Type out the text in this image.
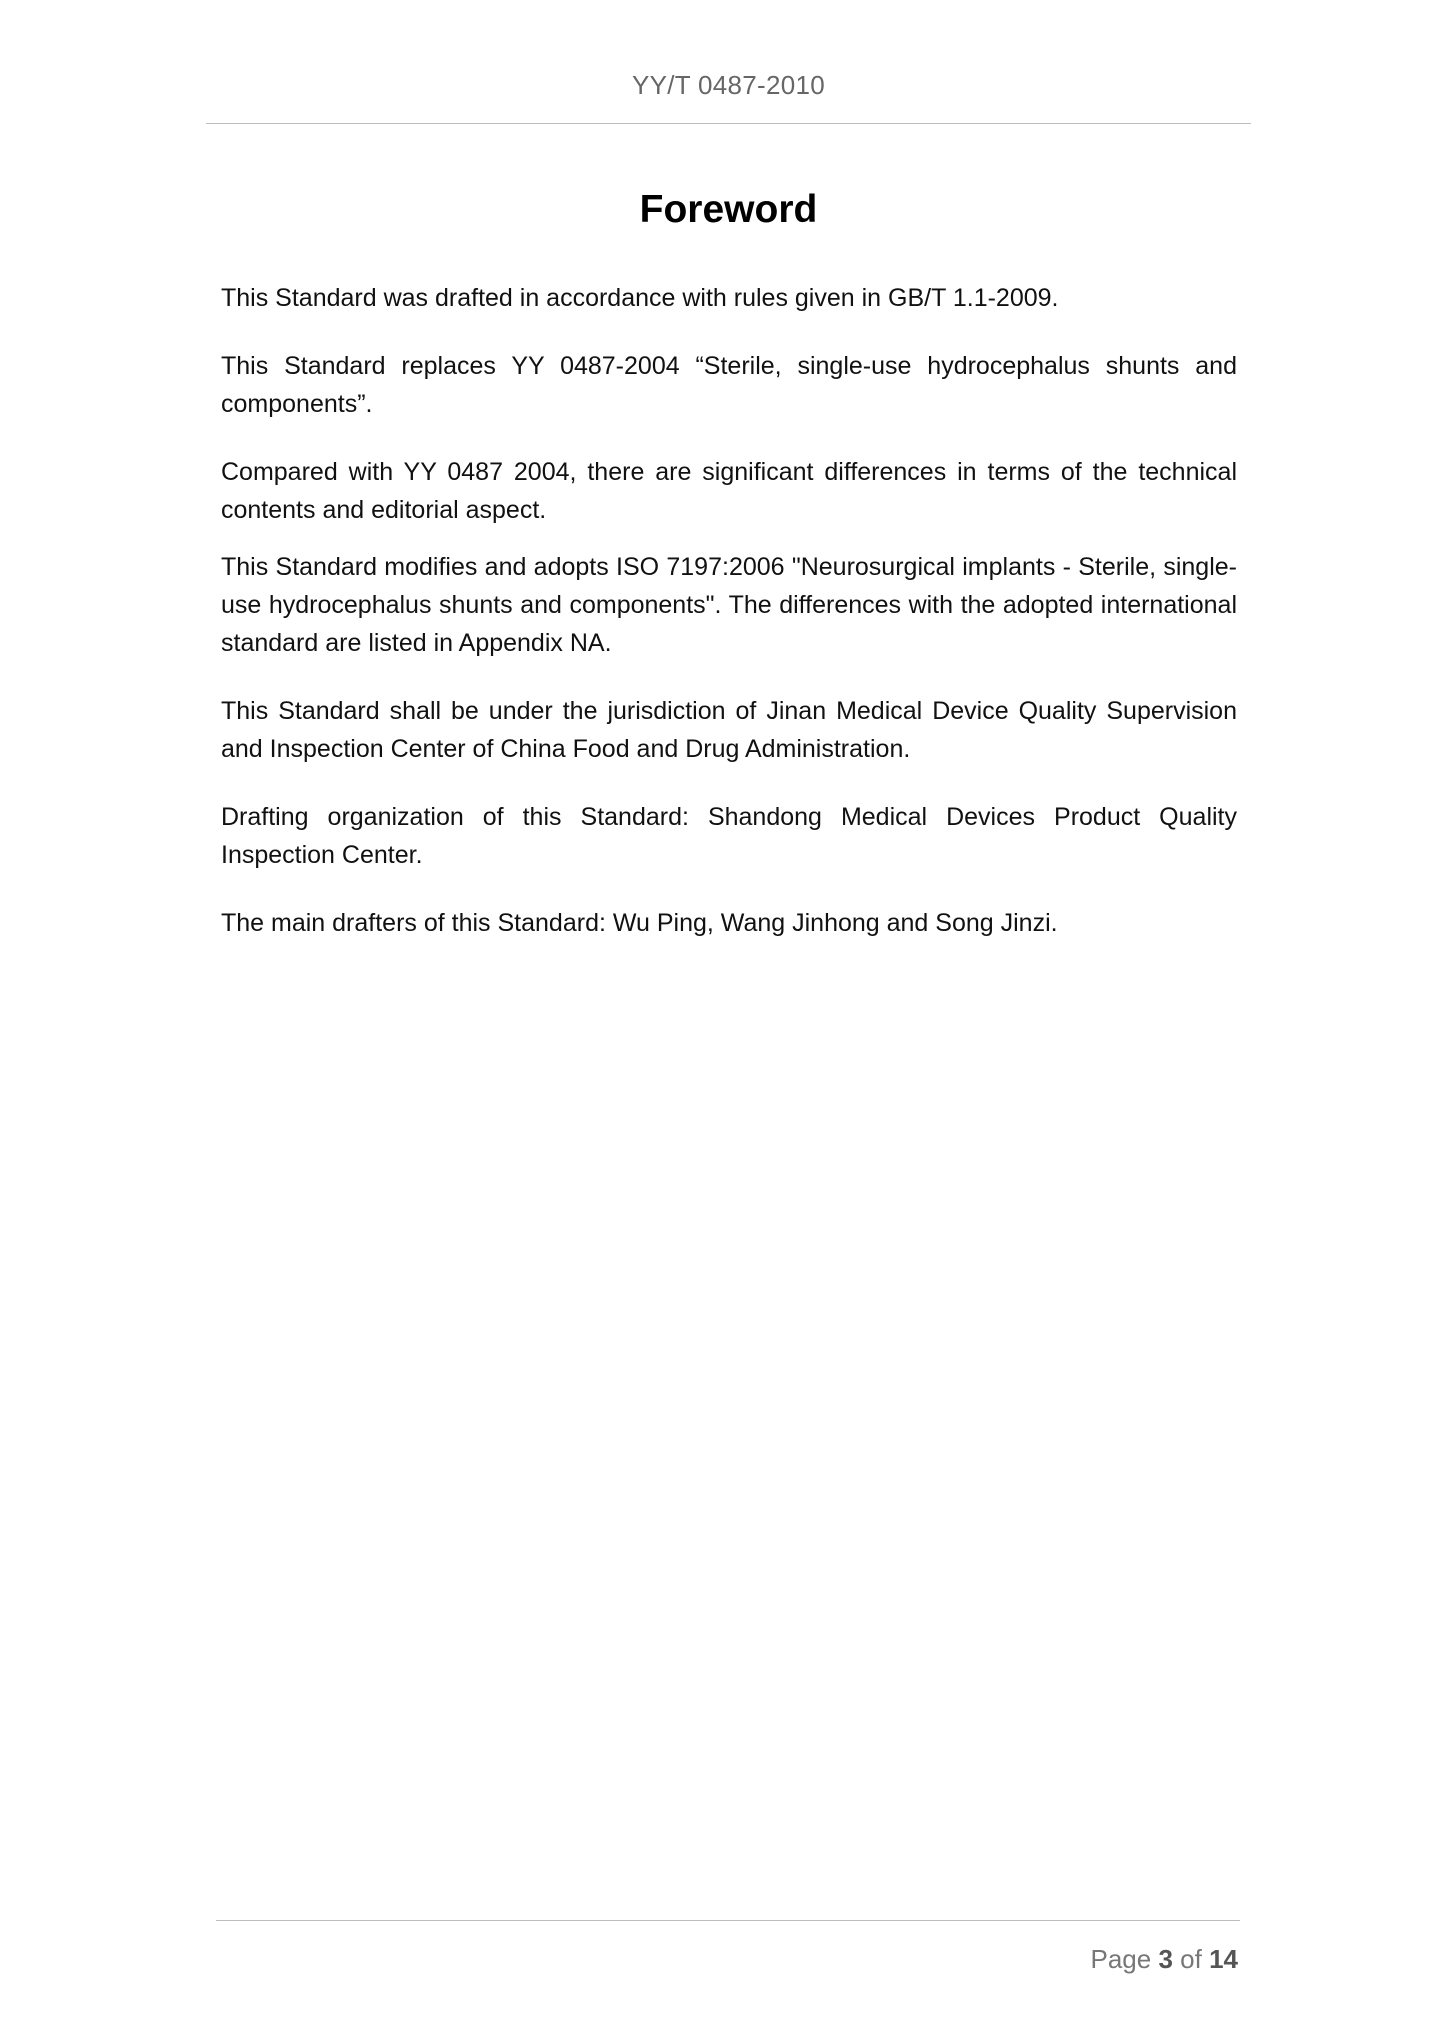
YY/T 0487-2010
Foreword

This Standard was drafted in accordance with rules given in GB/T 1.1-2009.

This Standard replaces YY 0487-2004 “Sterile, single-use hydrocephalus shunts and components”.

Compared with YY 0487 2004, there are significant differences in terms of the technical contents and editorial aspect.

This Standard modifies and adopts ISO 7197:2006 "Neurosurgical implants - Sterile, single-use hydrocephalus shunts and components". The differences with the adopted international standard are listed in Appendix NA.

This Standard shall be under the jurisdiction of Jinan Medical Device Quality Supervision and Inspection Center of China Food and Drug Administration.

Drafting organization of this Standard: Shandong Medical Devices Product Quality Inspection Center.

The main drafters of this Standard: Wu Ping, Wang Jinhong and Song Jinzi.

Page 3 of 14
